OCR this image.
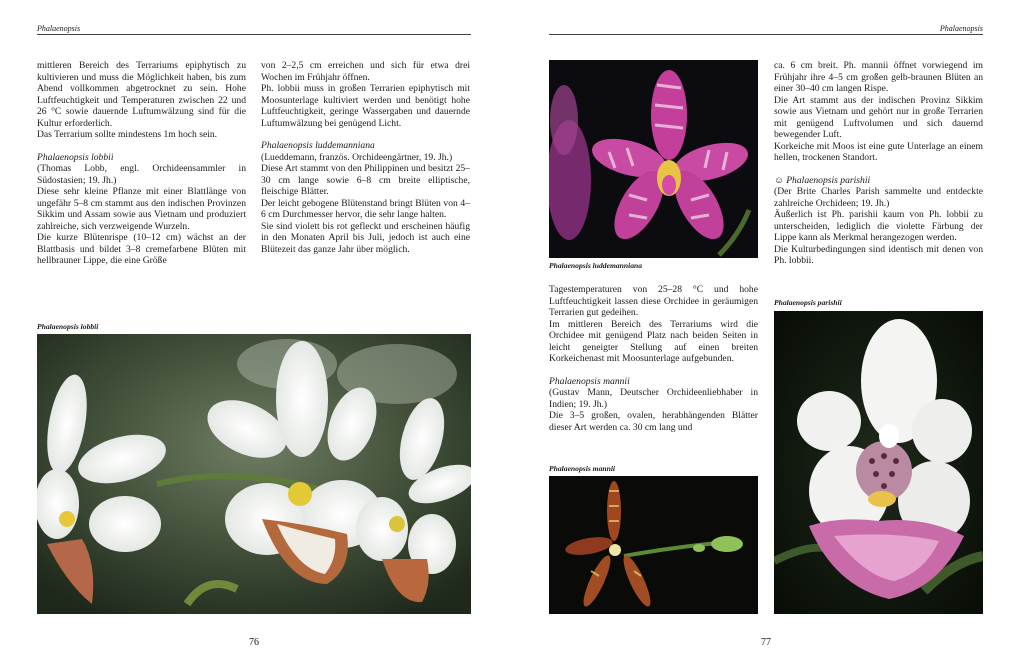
Phalaenopsis	Phalaenopsis

mittleren Bereich des Terrariums epiphytisch zu kultivieren und muss die Möglichkeit haben, bis zum Abend vollkommen abgetrocknet zu sein. Hohe Luftfeuchtigkeit und Temperaturen zwischen 22 und 26 °C sowie dauernde Luftumwälzung sind für die Kultur erforderlich.

Das Terrarium sollte mindestens 1m hoch sein.

Phalaenopsis lobbii

(Thomas Lobb, engl. Orchideensammler in Südostasien; 19. Jh.)

Diese sehr kleine Pflanze mit einer Blattlänge von ungefähr 5–8 cm stammt aus den indischen Provinzen Sikkim und Assam sowie aus Vietnam und produziert zahlreiche, sich verzweigende Wurzeln.

Die kurze Blütenrispe (10–12 cm) wächst an der Blattbasis und bildet 3–8 cremefarbene Blüten mit hellbrauner Lippe, die eine Größe

von 2–2,5 cm erreichen und sich für etwa drei Wochen im Frühjahr öffnen.

Ph. lobbii muss in großen Terrarien epiphytisch mit Moosunterlage kultiviert werden und benötigt hohe Luftfeuchtigkeit, geringe Wassergaben und dauernde Luftumwälzung bei genügend Licht.

Phalaenopsis luddemanniana

(Lueddemann, französ. Orchideengärtner, 19. Jh.)

Diese Art stammt von den Philippinen und besitzt 25–30 cm lange sowie 6–8 cm breite elliptische, fleischige Blätter.

Der leicht gebogene Blütenstand bringt Blüten von 4–6 cm Durchmesser hervor, die sehr lange halten.

Sie sind violett bis rot gefleckt und erscheinen häufig in den Monaten April bis Juli, jedoch ist auch eine Blütezeit das ganze Jahr über möglich.

Phalaenopsis lobbii
76
Phalaenopsis luddemanniana

Tagestemperaturen von 25–28 °C und hohe Luftfeuchtigkeit lassen diese Orchidee in geräumigen Terrarien gut gedeihen.

Im mittleren Bereich des Terrariums wird die Orchidee mit genügend Platz nach beiden Seiten in leicht geneigter Stellung auf einen breiten Korkeichenast mit Moosunterlage aufgebunden.

Phalaenopsis mannii

(Gustav Mann, Deutscher Orchideenliebhaber in Indien; 19. Jh.)

Die 3–5 großen, ovalen, herabhängenden Blätter dieser Art werden ca. 30 cm lang und

Phalaenopsis mannii

ca. 6 cm breit. Ph. mannii öffnet vorwiegend im Frühjahr ihre 4–5 cm großen gelb-braunen Blüten an einer 30–40 cm langen Rispe.

Die Art stammt aus der indischen Provinz Sikkim sowie aus Vietnam und gehört nur in große Terrarien mit genügend Luftvolumen und sich dauernd bewegender Luft.

Korkeiche mit Moos ist eine gute Unterlage an einem hellen, trockenen Standort.

☺ Phalaenopsis parishii

(Der Brite Charles Parish sammelte und entdeckte zahlreiche Orchideen; 19. Jh.)

Äußerlich ist Ph. parishii kaum von Ph. lobbii zu unterscheiden, lediglich die violette Färbung der Lippe kann als Merkmal herangezogen werden.

Die Kulturbedingungen sind identisch mit denen von Ph. lobbii.

Phalaenopsis parishii
77
